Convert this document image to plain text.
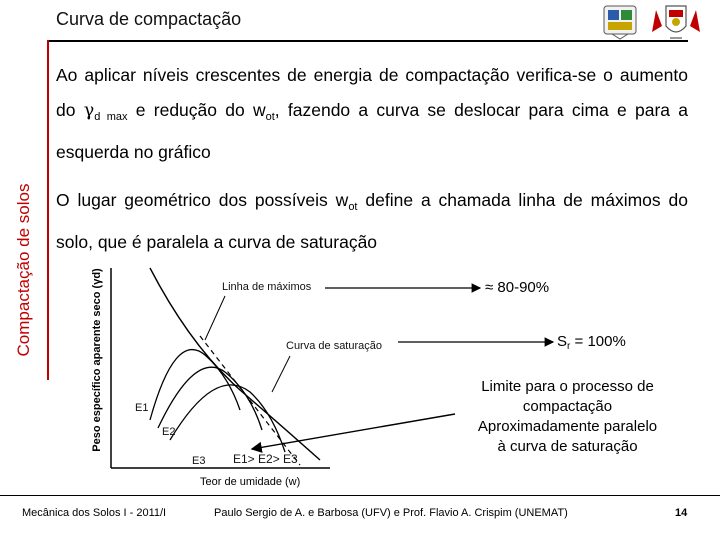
Curva de compactação
Compactação de solos
Ao aplicar níveis crescentes de energia de compactação verifica-se o aumento do $\gamma_{d max}$ e redução do $w_{ot}$, fazendo a curva se deslocar para cima e para a esquerda no gráfico
O lugar geométrico dos possíveis $w_{ot}$ define a chamada linha de máximos do solo, que é paralela a curva de saturação
Peso específico aparente seco (γd)
Teor de umidade (w)
Linha de máximos
Curva de saturação
E1
E2
E3 E1> E2> E3
≈ 80-90%
$S_r = 100\%$
Limite para o processo de
compactação
Aproximadamente paralelo
à curva de saturação
Mecânica dos Solos I - 2011/I	Paulo Sergio de A. e Barbosa (UFV) e Prof. Flavio A. Crispim (UNEMAT)	14
